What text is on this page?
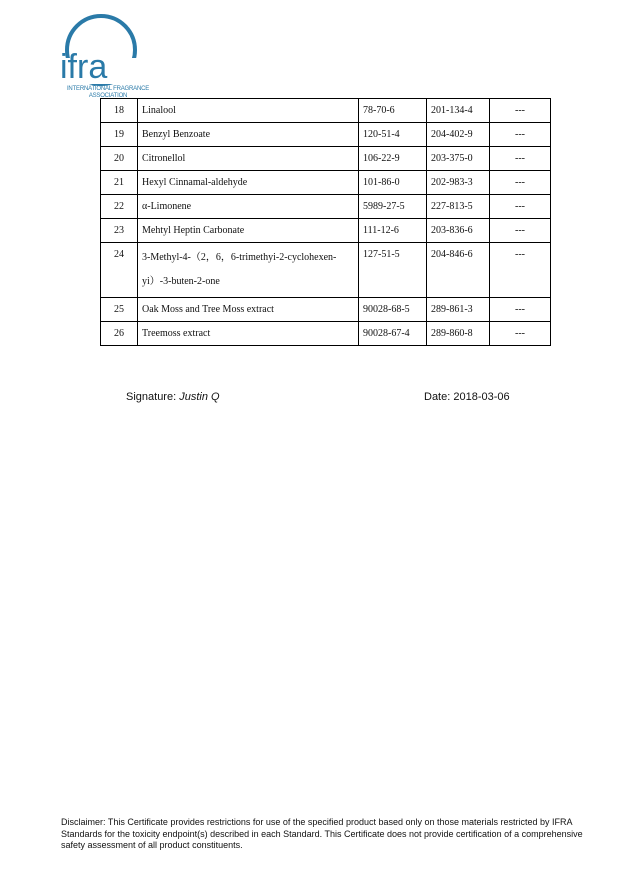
ifra
INTERNATIONAL FRAGRANCE
ASSOCIATION
18	Linalool	78-70-6	201-134-4	---
19	Benzyl Benzoate	120-51-4	204-402-9	---
20	Citronellol	106-22-9	203-375-0	---
21	Hexyl Cinnamal-aldehyde	101-86-0	202-983-3	---
22	α-Limonene	5989-27-5	227-813-5	---
23	Mehtyl Heptin Carbonate	111-12-6	203-836-6	---
24	3-Methyl-4-（2，6，6-trimethyi-2-cyclohexen-
yi）-3-buten-2-one	127-51-5	204-846-6	---
25	Oak Moss and Tree Moss extract	90028-68-5	289-861-3	---
26	Treemoss extract	90028-67-4	289-860-8	---
Signature: Justin Q	Date: 2018-03-06
Disclaimer: This Certificate provides restrictions for use of the specified product based only on those materials restricted by IFRA Standards for the toxicity endpoint(s) described in each Standard. This Certificate does not provide certification of a comprehensive safety assessment of all product constituents.
